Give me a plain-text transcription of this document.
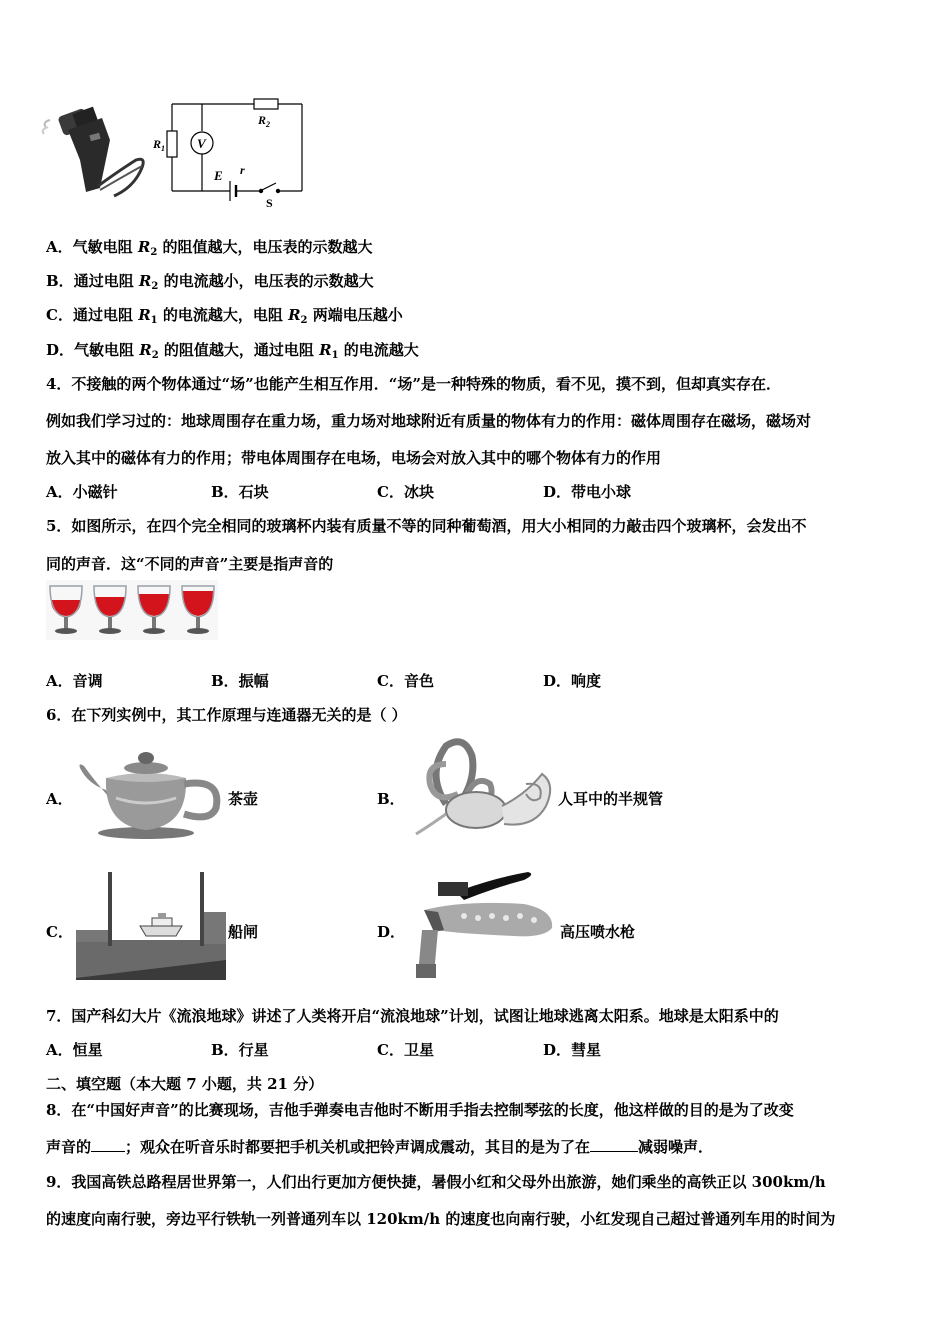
V
$R_1$
$R_2$
E r
S
A．气敏电阻 $R_2$ 的阻值越大，电压表的示数越大
B．通过电阻 $R_2$ 的电流越小，电压表的示数越大
C．通过电阻 $R_1$ 的电流越大，电阻 $R_2$ 两端电压越小
D．气敏电阻 $R_2$ 的阻值越大，通过电阻 $R_1$ 的电流越大
4．不接触的两个物体通过“场”也能产生相互作用．“场”是一种特殊的物质，看不见，摸不到，但却真实存在．
例如我们学习过的：地球周围存在重力场，重力场对地球附近有质量的物体有力的作用：磁体周围存在磁场，磁场对
放入其中的磁体有力的作用；带电体周围存在电场，电场会对放入其中的哪个物体有力的作用
A．小磁针	B．石块	C．冰块	D．带电小球
5．如图所示，在四个完全相同的玻璃杯内装有质量不等的同种葡萄酒，用大小相同的力敲击四个玻璃杯，会发出不
同的声音．这“不同的声音”主要是指声音的
A．音调	B．振幅	C．音色	D．响度
6．在下列实例中，其工作原理与连通器无关的是（ ）
A．	茶壶	B．	人耳中的半规管
C．	船闸	D．	高压喷水枪
7．国产科幻大片《流浪地球》讲述了人类将开启“流浪地球”计划，试图让地球逃离太阳系。地球是太阳系中的
A．恒星	B．行星	C．卫星	D．彗星
二、填空题（本大题 7 小题，共 21 分）
8．在“中国好声音”的比赛现场，吉他手弹奏电吉他时不断用手指去控制琴弦的长度，他这样做的目的是为了改变
声音的 ；观众在听音乐时都要把手机关机或把铃声调成震动，其目的是为了在	减弱噪声．
9．我国高铁总路程居世界第一，人们出行更加方便快捷，暑假小红和父母外出旅游，她们乘坐的高铁正以 300km/h
的速度向南行驶，旁边平行铁轨一列普通列车以 120km/h 的速度也向南行驶，小红发现自己超过普通列车用的时间为
